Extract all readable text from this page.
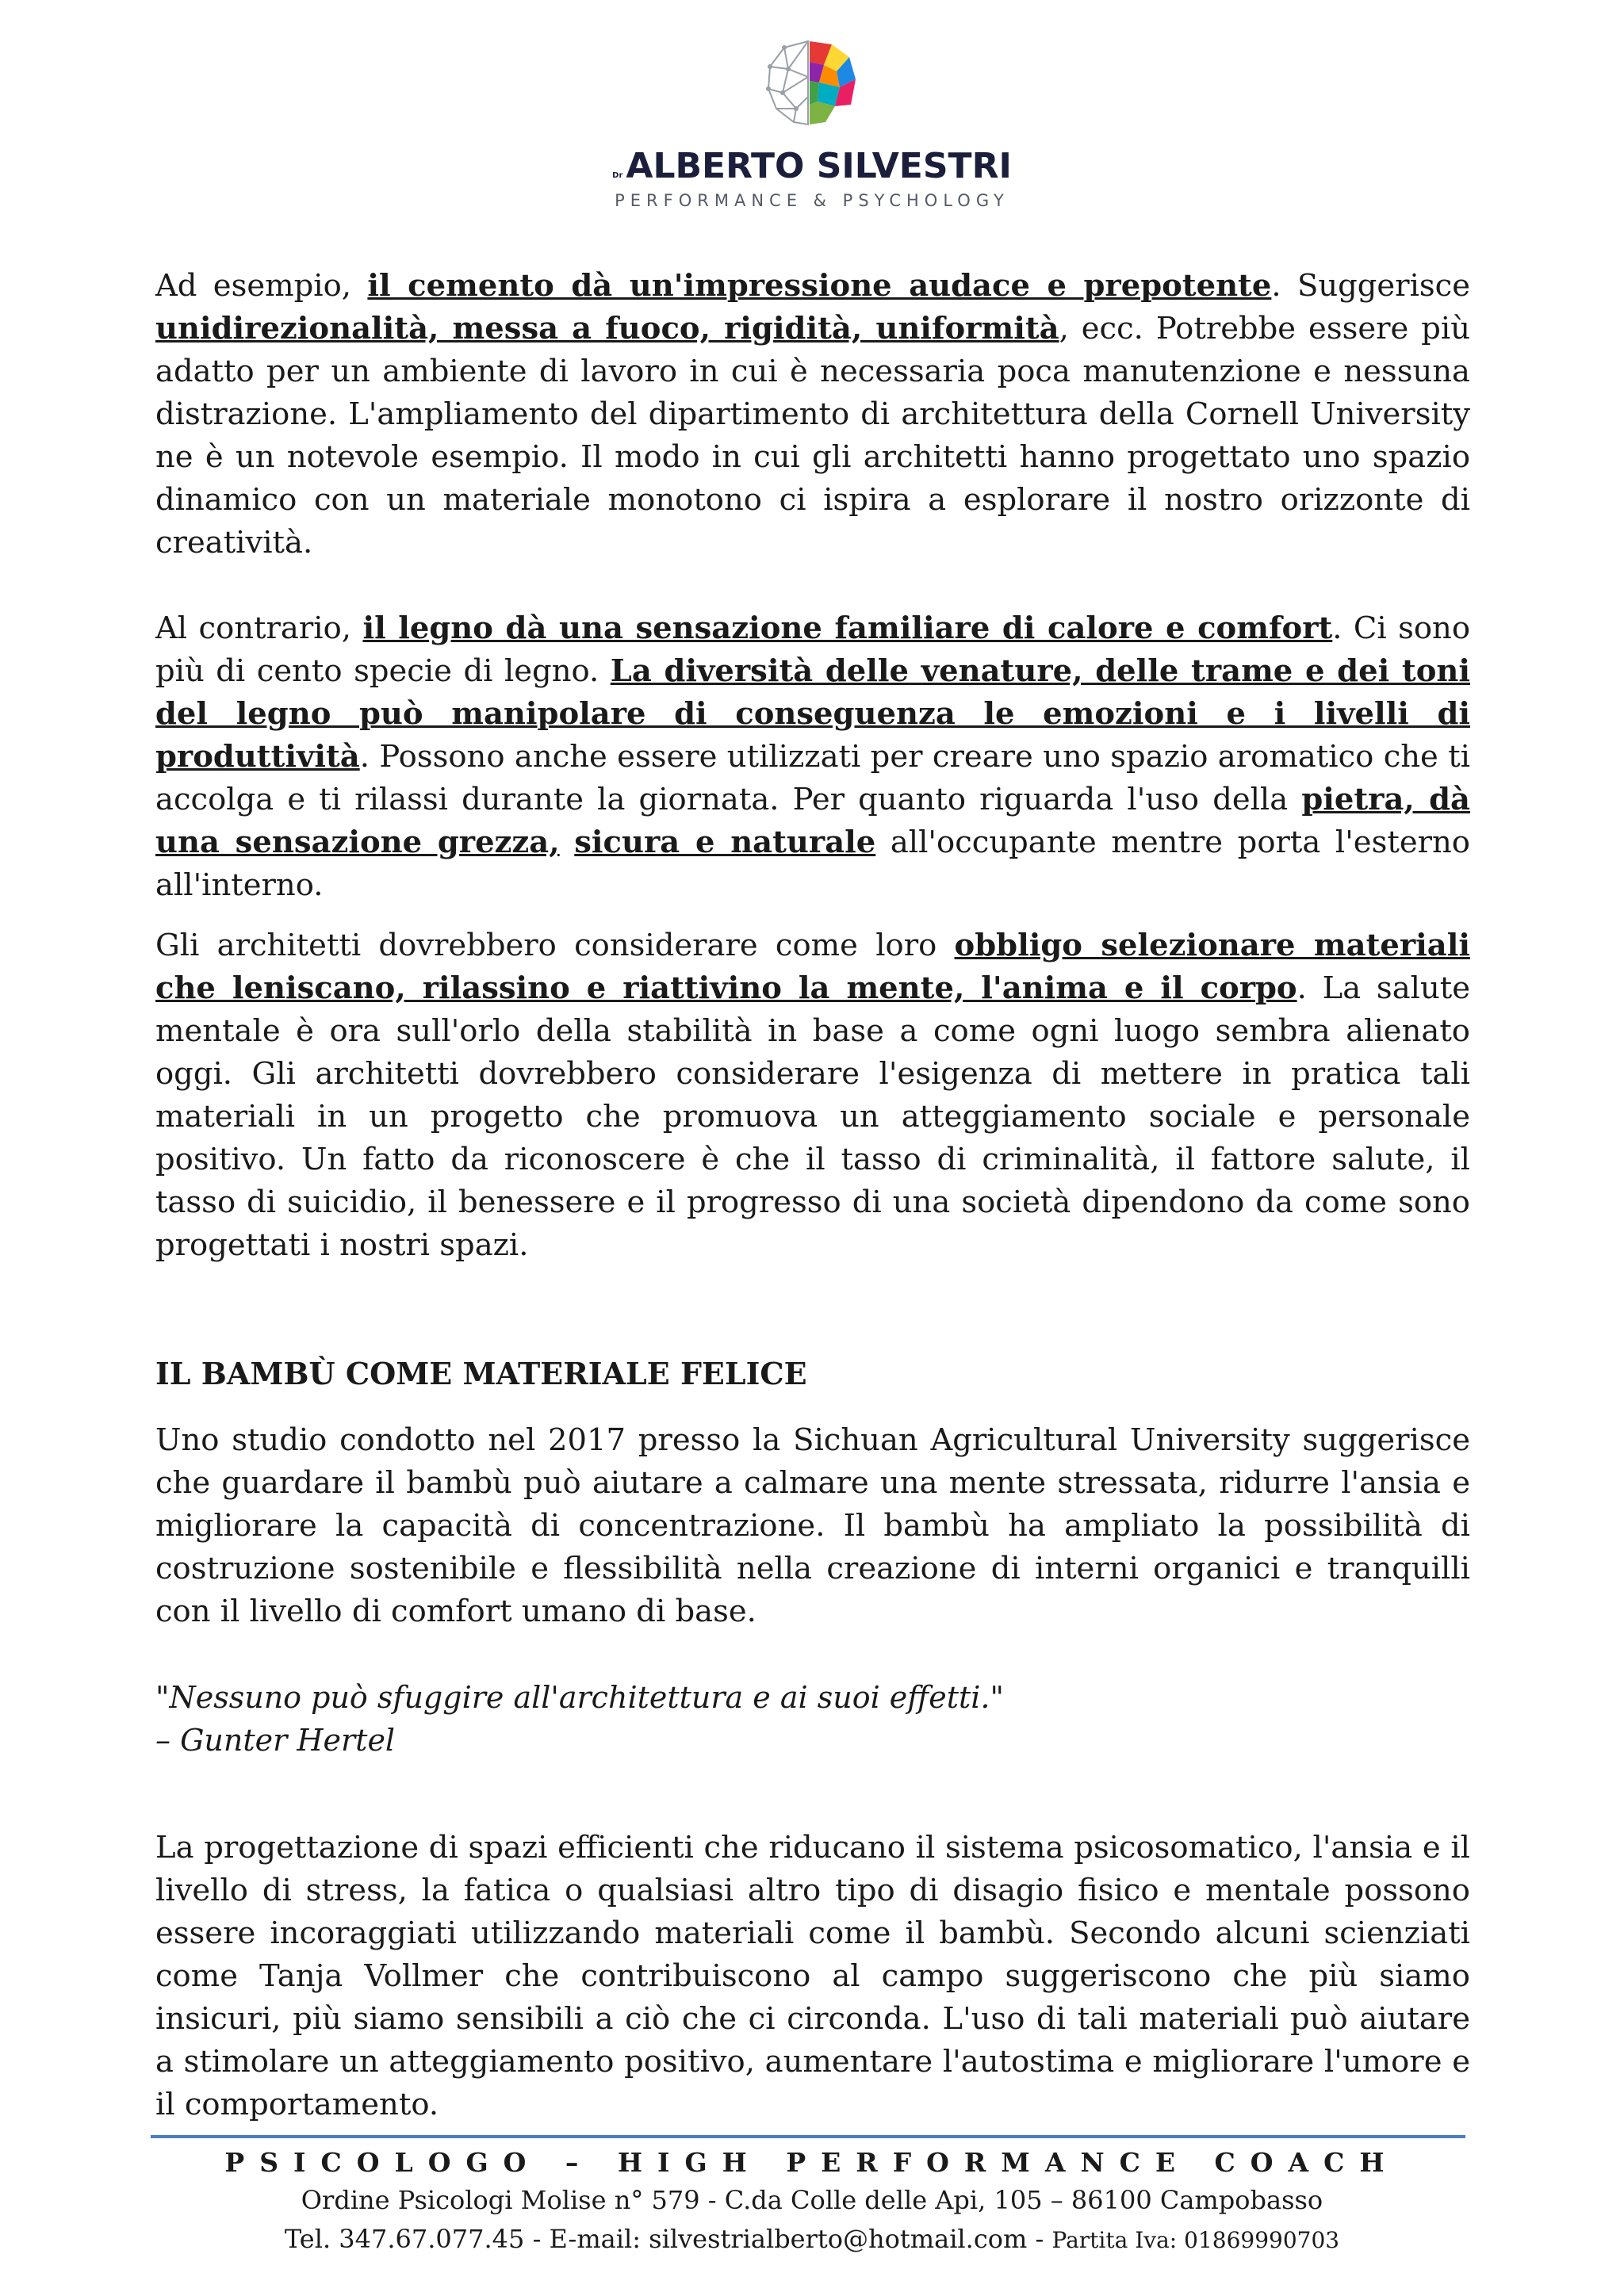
DrALBERTO SILVESTRI
PERFORMANCE & PSYCHOLOGY

Ad esempio, il cemento dà un'impressione audace e prepotente. Suggerisce unidirezionalità, messa a fuoco, rigidità, uniformità, ecc. Potrebbe essere più adatto per un ambiente di lavoro in cui è necessaria poca manutenzione e nessuna distrazione. L'ampliamento del dipartimento di architettura della Cornell University ne è un notevole esempio. Il modo in cui gli architetti hanno progettato uno spazio dinamico con un materiale monotono ci ispira a esplorare il nostro orizzonte di creatività.

Al contrario, il legno dà una sensazione familiare di calore e comfort. Ci sono più di cento specie di legno. La diversità delle venature, delle trame e dei toni del legno può manipolare di conseguenza le emozioni e i livelli di produttività. Possono anche essere utilizzati per creare uno spazio aromatico che ti accolga e ti rilassi durante la giornata. Per quanto riguarda l'uso della pietra, dà una sensazione grezza, sicura e naturale all'occupante mentre porta l'esterno all'interno.

Gli architetti dovrebbero considerare come loro obbligo selezionare materiali che leniscano, rilassino e riattivino la mente, l'anima e il corpo. La salute mentale è ora sull'orlo della stabilità in base a come ogni luogo sembra alienato oggi. Gli architetti dovrebbero considerare l'esigenza di mettere in pratica tali materiali in un progetto che promuova un atteggiamento sociale e personale positivo. Un fatto da riconoscere è che il tasso di criminalità, il fattore salute, il tasso di suicidio, il benessere e il progresso di una società dipendono da come sono progettati i nostri spazi.

IL BAMBÙ COME MATERIALE FELICE

Uno studio condotto nel 2017 presso la Sichuan Agricultural University suggerisce che guardare il bambù può aiutare a calmare una mente stressata, ridurre l'ansia e migliorare la capacità di concentrazione. Il bambù ha ampliato la possibilità di costruzione sostenibile e flessibilità nella creazione di interni organici e tranquilli con il livello di comfort umano di base.

"Nessuno può sfuggire all'architettura e ai suoi effetti."

– Gunter Hertel

La progettazione di spazi efficienti che riducano il sistema psicosomatico, l'ansia e il livello di stress, la fatica o qualsiasi altro tipo di disagio fisico e mentale possono essere incoraggiati utilizzando materiali come il bambù. Secondo alcuni scienziati come Tanja Vollmer che contribuiscono al campo suggeriscono che più siamo insicuri, più siamo sensibili a ciò che ci circonda. L'uso di tali materiali può aiutare a stimolare un atteggiamento positivo, aumentare l'autostima e migliorare l'umore e il comportamento.

PSICOLOGO – HIGH PERFORMANCE COACH
Ordine Psicologi Molise n° 579 - C.da Colle delle Api, 105 – 86100 Campobasso
Tel. 347.67.077.45 - E-mail: silvestrialberto@hotmail.com - Partita Iva: 01869990703
